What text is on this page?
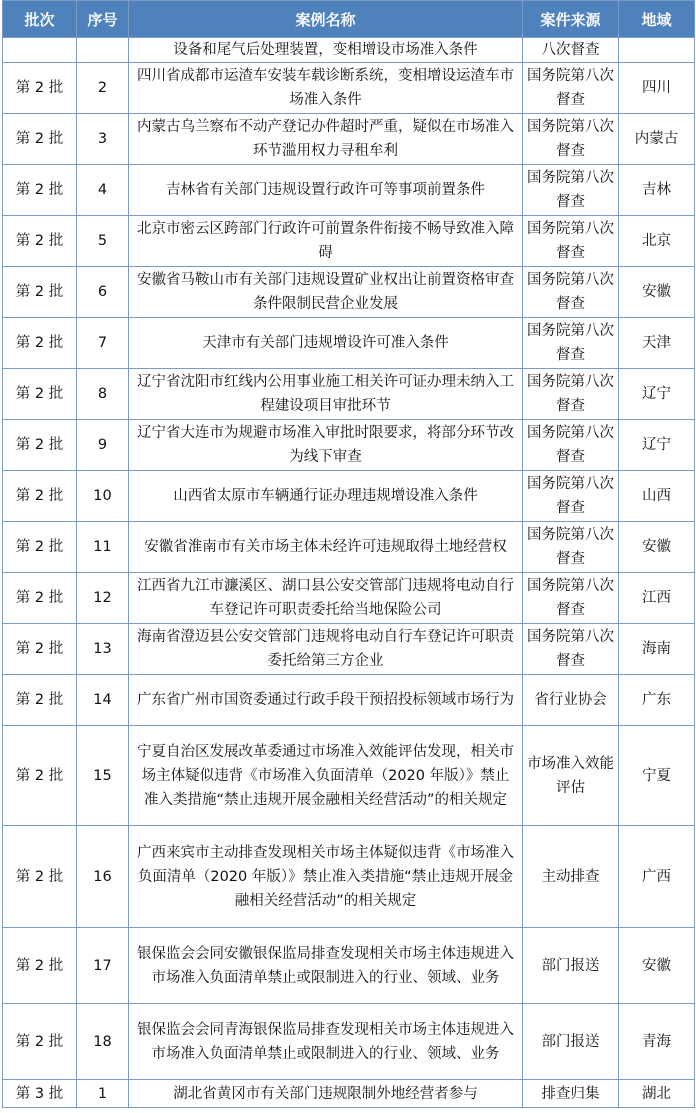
批次	序号	案例名称	案件来源	地域
		设备和尾气后处理装置，变相增设市场准入条件	八次督查	
第 2 批	2	四川省成都市运渣车安装车载诊断系统，变相增设运渣车市场准入条件	国务院第八次督查	四川
第 2 批	3	内蒙古乌兰察布不动产登记办件超时严重，疑似在市场准入环节滥用权力寻租牟利	国务院第八次督查	内蒙古
第 2 批	4	吉林省有关部门违规设置行政许可等事项前置条件	国务院第八次督查	吉林
第 2 批	5	北京市密云区跨部门行政许可前置条件衔接不畅导致准入障碍	国务院第八次督查	北京
第 2 批	6	安徽省马鞍山市有关部门违规设置矿业权出让前置资格审查条件限制民营企业发展	国务院第八次督查	安徽
第 2 批	7	天津市有关部门违规增设许可准入条件	国务院第八次督查	天津
第 2 批	8	辽宁省沈阳市红线内公用事业施工相关许可证办理未纳入工程建设项目审批环节	国务院第八次督查	辽宁
第 2 批	9	辽宁省大连市为规避市场准入审批时限要求，将部分环节改为线下审查	国务院第八次督查	辽宁
第 2 批	10	山西省太原市车辆通行证办理违规增设准入条件	国务院第八次督查	山西
第 2 批	11	安徽省淮南市有关市场主体未经许可违规取得土地经营权	国务院第八次督查	安徽
第 2 批	12	江西省九江市濂溪区、湖口县公安交管部门违规将电动自行车登记许可职责委托给当地保险公司	国务院第八次督查	江西
第 2 批	13	海南省澄迈县公安交管部门违规将电动自行车登记许可职责委托给第三方企业	国务院第八次督查	海南
第 2 批	14	广东省广州市国资委通过行政手段干预招投标领域市场行为	省行业协会	广东
第 2 批	15	宁夏自治区发展改革委通过市场准入效能评估发现，相关市场主体疑似违背《市场准入负面清单（2020 年版）》禁止准入类措施“禁止违规开展金融相关经营活动”的相关规定	市场准入效能评估	宁夏
第 2 批	16	广西来宾市主动排查发现相关市场主体疑似违背《市场准入负面清单（2020 年版）》禁止准入类措施“禁止违规开展金融相关经营活动”的相关规定	主动排查	广西
第 2 批	17	银保监会会同安徽银保监局排查发现相关市场主体违规进入市场准入负面清单禁止或限制进入的行业、领域、业务	部门报送	安徽
第 2 批	18	银保监会会同青海银保监局排查发现相关市场主体违规进入市场准入负面清单禁止或限制进入的行业、领域、业务	部门报送	青海
第 3 批	1	湖北省黄冈市有关部门违规限制外地经营者参与	排查归集	湖北
